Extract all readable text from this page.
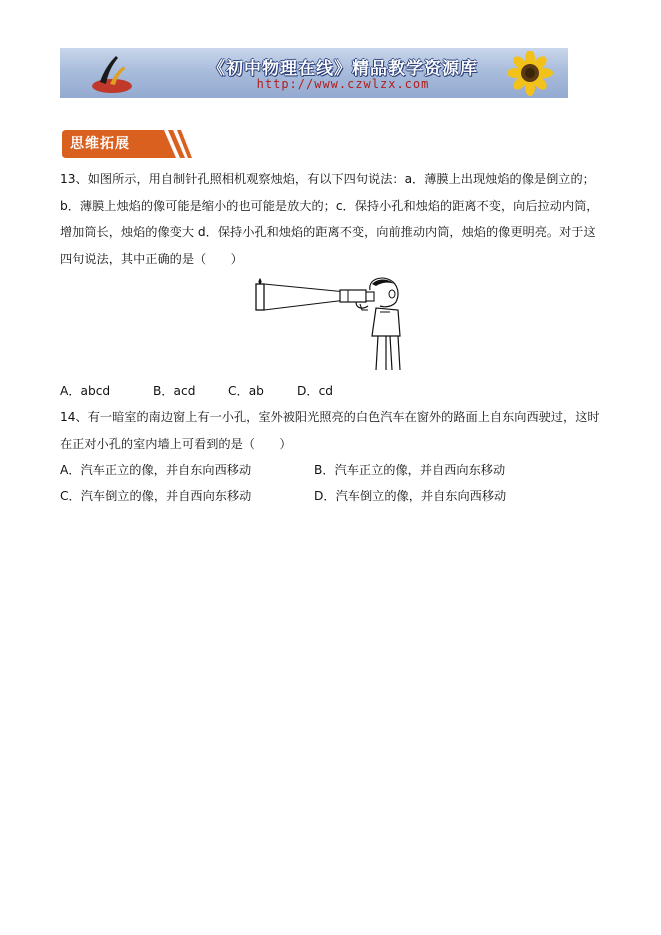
《初中物理在线》精品教学资源库
http://www.czwlzx.com
思维拓展
13、如图所示，用自制针孔照相机观察烛焰，有以下四句说法：a．薄膜上出现烛焰的像是倒立的；b．薄膜上烛焰的像可能是缩小的也可能是放大的；c．保持小孔和烛焰的距离不变，向后拉动内筒，增加筒长，烛焰的像变大 d．保持小孔和烛焰的距离不变，向前推动内筒，烛焰的像更明亮。对于这四句说法，其中正确的是（　　）
A．abcd	B．acd	C．ab	D．cd
14、有一暗室的南边窗上有一小孔，室外被阳光照亮的白色汽车在窗外的路面上自东向西驶过，这时在正对小孔的室内墙上可看到的是（　　）
A．汽车正立的像，并自东向西移动	B．汽车正立的像，并自西向东移动
C．汽车倒立的像，并自西向东移动	D．汽车倒立的像，并自东向西移动
